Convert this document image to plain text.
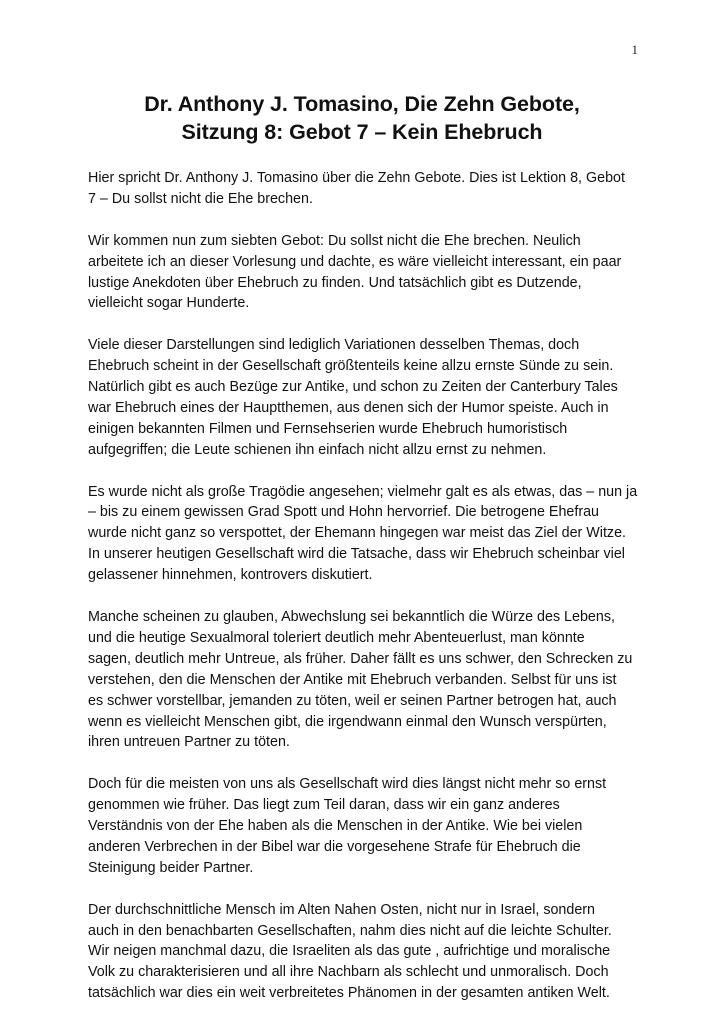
1
Dr. Anthony J. Tomasino, Die Zehn Gebote,
Sitzung 8: Gebot 7 – Kein Ehebruch

Hier spricht Dr. Anthony J. Tomasino über die Zehn Gebote. Dies ist Lektion 8, Gebot
7 – Du sollst nicht die Ehe brechen.

Wir kommen nun zum siebten Gebot: Du sollst nicht die Ehe brechen. Neulich
arbeitete ich an dieser Vorlesung und dachte, es wäre vielleicht interessant, ein paar
lustige Anekdoten über Ehebruch zu finden. Und tatsächlich gibt es Dutzende,
vielleicht sogar Hunderte.

Viele dieser Darstellungen sind lediglich Variationen desselben Themas, doch
Ehebruch scheint in der Gesellschaft größtenteils keine allzu ernste Sünde zu sein.
Natürlich gibt es auch Bezüge zur Antike, und schon zu Zeiten der Canterbury Tales
war Ehebruch eines der Hauptthemen, aus denen sich der Humor speiste. Auch in
einigen bekannten Filmen und Fernsehserien wurde Ehebruch humoristisch
aufgegriffen; die Leute schienen ihn einfach nicht allzu ernst zu nehmen.

Es wurde nicht als große Tragödie angesehen; vielmehr galt es als etwas, das – nun ja
– bis zu einem gewissen Grad Spott und Hohn hervorrief. Die betrogene Ehefrau
wurde nicht ganz so verspottet, der Ehemann hingegen war meist das Ziel der Witze.
In unserer heutigen Gesellschaft wird die Tatsache, dass wir Ehebruch scheinbar viel
gelassener hinnehmen, kontrovers diskutiert.

Manche scheinen zu glauben, Abwechslung sei bekanntlich die Würze des Lebens,
und die heutige Sexualmoral toleriert deutlich mehr Abenteuerlust, man könnte
sagen, deutlich mehr Untreue, als früher. Daher fällt es uns schwer, den Schrecken zu
verstehen, den die Menschen der Antike mit Ehebruch verbanden. Selbst für uns ist
es schwer vorstellbar, jemanden zu töten, weil er seinen Partner betrogen hat, auch
wenn es vielleicht Menschen gibt, die irgendwann einmal den Wunsch verspürten,
ihren untreuen Partner zu töten.

Doch für die meisten von uns als Gesellschaft wird dies längst nicht mehr so ernst
genommen wie früher. Das liegt zum Teil daran, dass wir ein ganz anderes
Verständnis von der Ehe haben als die Menschen in der Antike. Wie bei vielen
anderen Verbrechen in der Bibel war die vorgesehene Strafe für Ehebruch die
Steinigung beider Partner.

Der durchschnittliche Mensch im Alten Nahen Osten, nicht nur in Israel, sondern
auch in den benachbarten Gesellschaften, nahm dies nicht auf die leichte Schulter.
Wir neigen manchmal dazu, die Israeliten als das gute , aufrichtige und moralische
Volk zu charakterisieren und all ihre Nachbarn als schlecht und unmoralisch. Doch
tatsächlich war dies ein weit verbreitetes Phänomen in der gesamten antiken Welt.
